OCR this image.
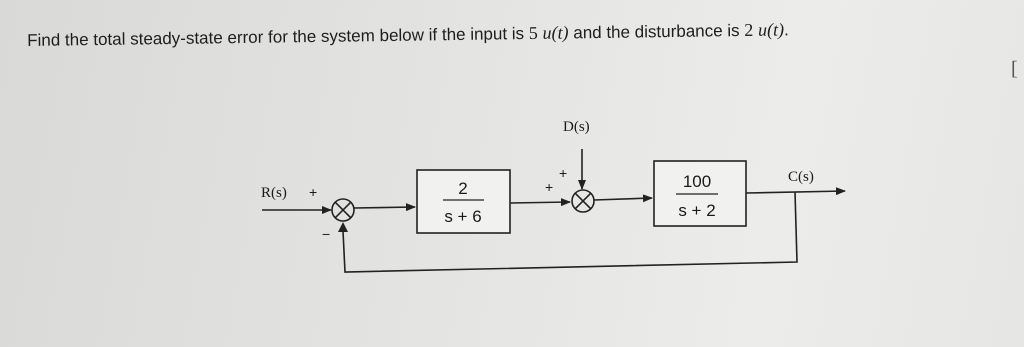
Find the total steady-state error for the system below if the input is 5 u(t) and the disturbance is 2 u(t).
[
R(s) +
−
2
s + 6
+
D(s)
+	100
s + 2
C(s)
